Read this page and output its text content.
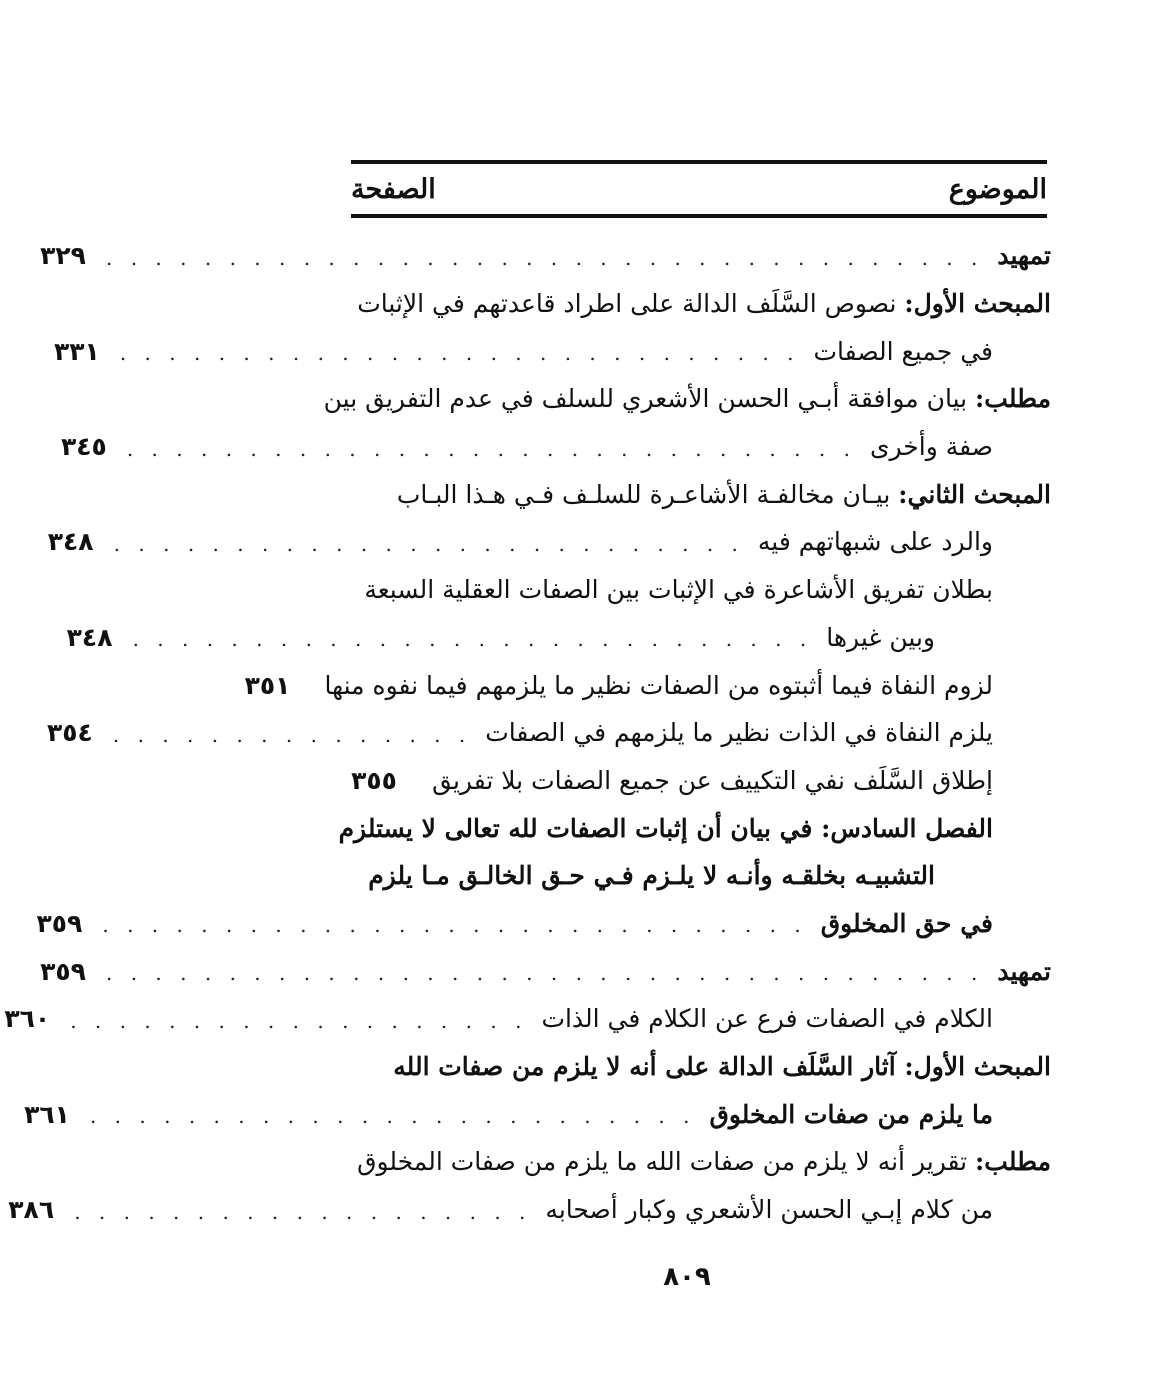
الموضوع
الصفحة
تمهيد
. . . . . . . . . . . . . . . . . . . . . . . . . . . . . . . . . . . .
٣٢٩
المبحث الأول: نصوص السَّلَف الدالة على اطراد قاعدتهم في الإثبات
في جميع الصفات
. . . . . . . . . . . . . . . . . . . . . . . . . . . .
٣٣١
مطلب: بيان موافقة أبـي الحسن الأشعري للسلف في عدم التفريق بين
صفة وأخرى
. . . . . . . . . . . . . . . . . . . . . . . . . . . . . .
٣٤٥
المبحث الثاني: بيـان مخالفـة الأشاعـرة للسلـف فـي هـذا البـاب
والرد على شبهاتهم فيه
. . . . . . . . . . . . . . . . . . . . . . . . . .
٣٤٨
بطلان تفريق الأشاعرة في الإثبات بين الصفات العقلية السبعة
وبين غيرها
. . . . . . . . . . . . . . . . . . . . . . . . . . . .
٣٤٨
لزوم النفاة فيما أثبتوه من الصفات نظير ما يلزمهم فيما نفوه منها
٣٥١
يلزم النفاة في الذات نظير ما يلزمهم في الصفات
. . . . . . . . . . . . . . .
٣٥٤
إطلاق السَّلَف نفي التكييف عن جميع الصفات بلا تفريق
٣٥٥
الفصل السادس: في بيان أن إثبات الصفات لله تعالى لا يستلزم
التشبيـه بخلقـه وأنـه لا يلـزم فـي حـق الخالـق مـا يلزم
في حق المخلوق
. . . . . . . . . . . . . . . . . . . . . . . . . . . . .
٣٥٩
تمهيد
. . . . . . . . . . . . . . . . . . . . . . . . . . . . . . . . . . . .
٣٥٩
الكلام في الصفات فرع عن الكلام في الذات
. . . . . . . . . . . . . . . . . . .
٣٦٠
المبحث الأول: آثار السَّلَف الدالة على أنه لا يلزم من صفات الله
ما يلزم من صفات المخلوق
. . . . . . . . . . . . . . . . . . . . . . . . .
٣٦١
مطلب: تقرير أنه لا يلزم من صفات الله ما يلزم من صفات المخلوق
من كلام إبـي الحسن الأشعري وكبار أصحابه
. . . . . . . . . . . . . . . . . . .
٣٨٦
٨٠٩
